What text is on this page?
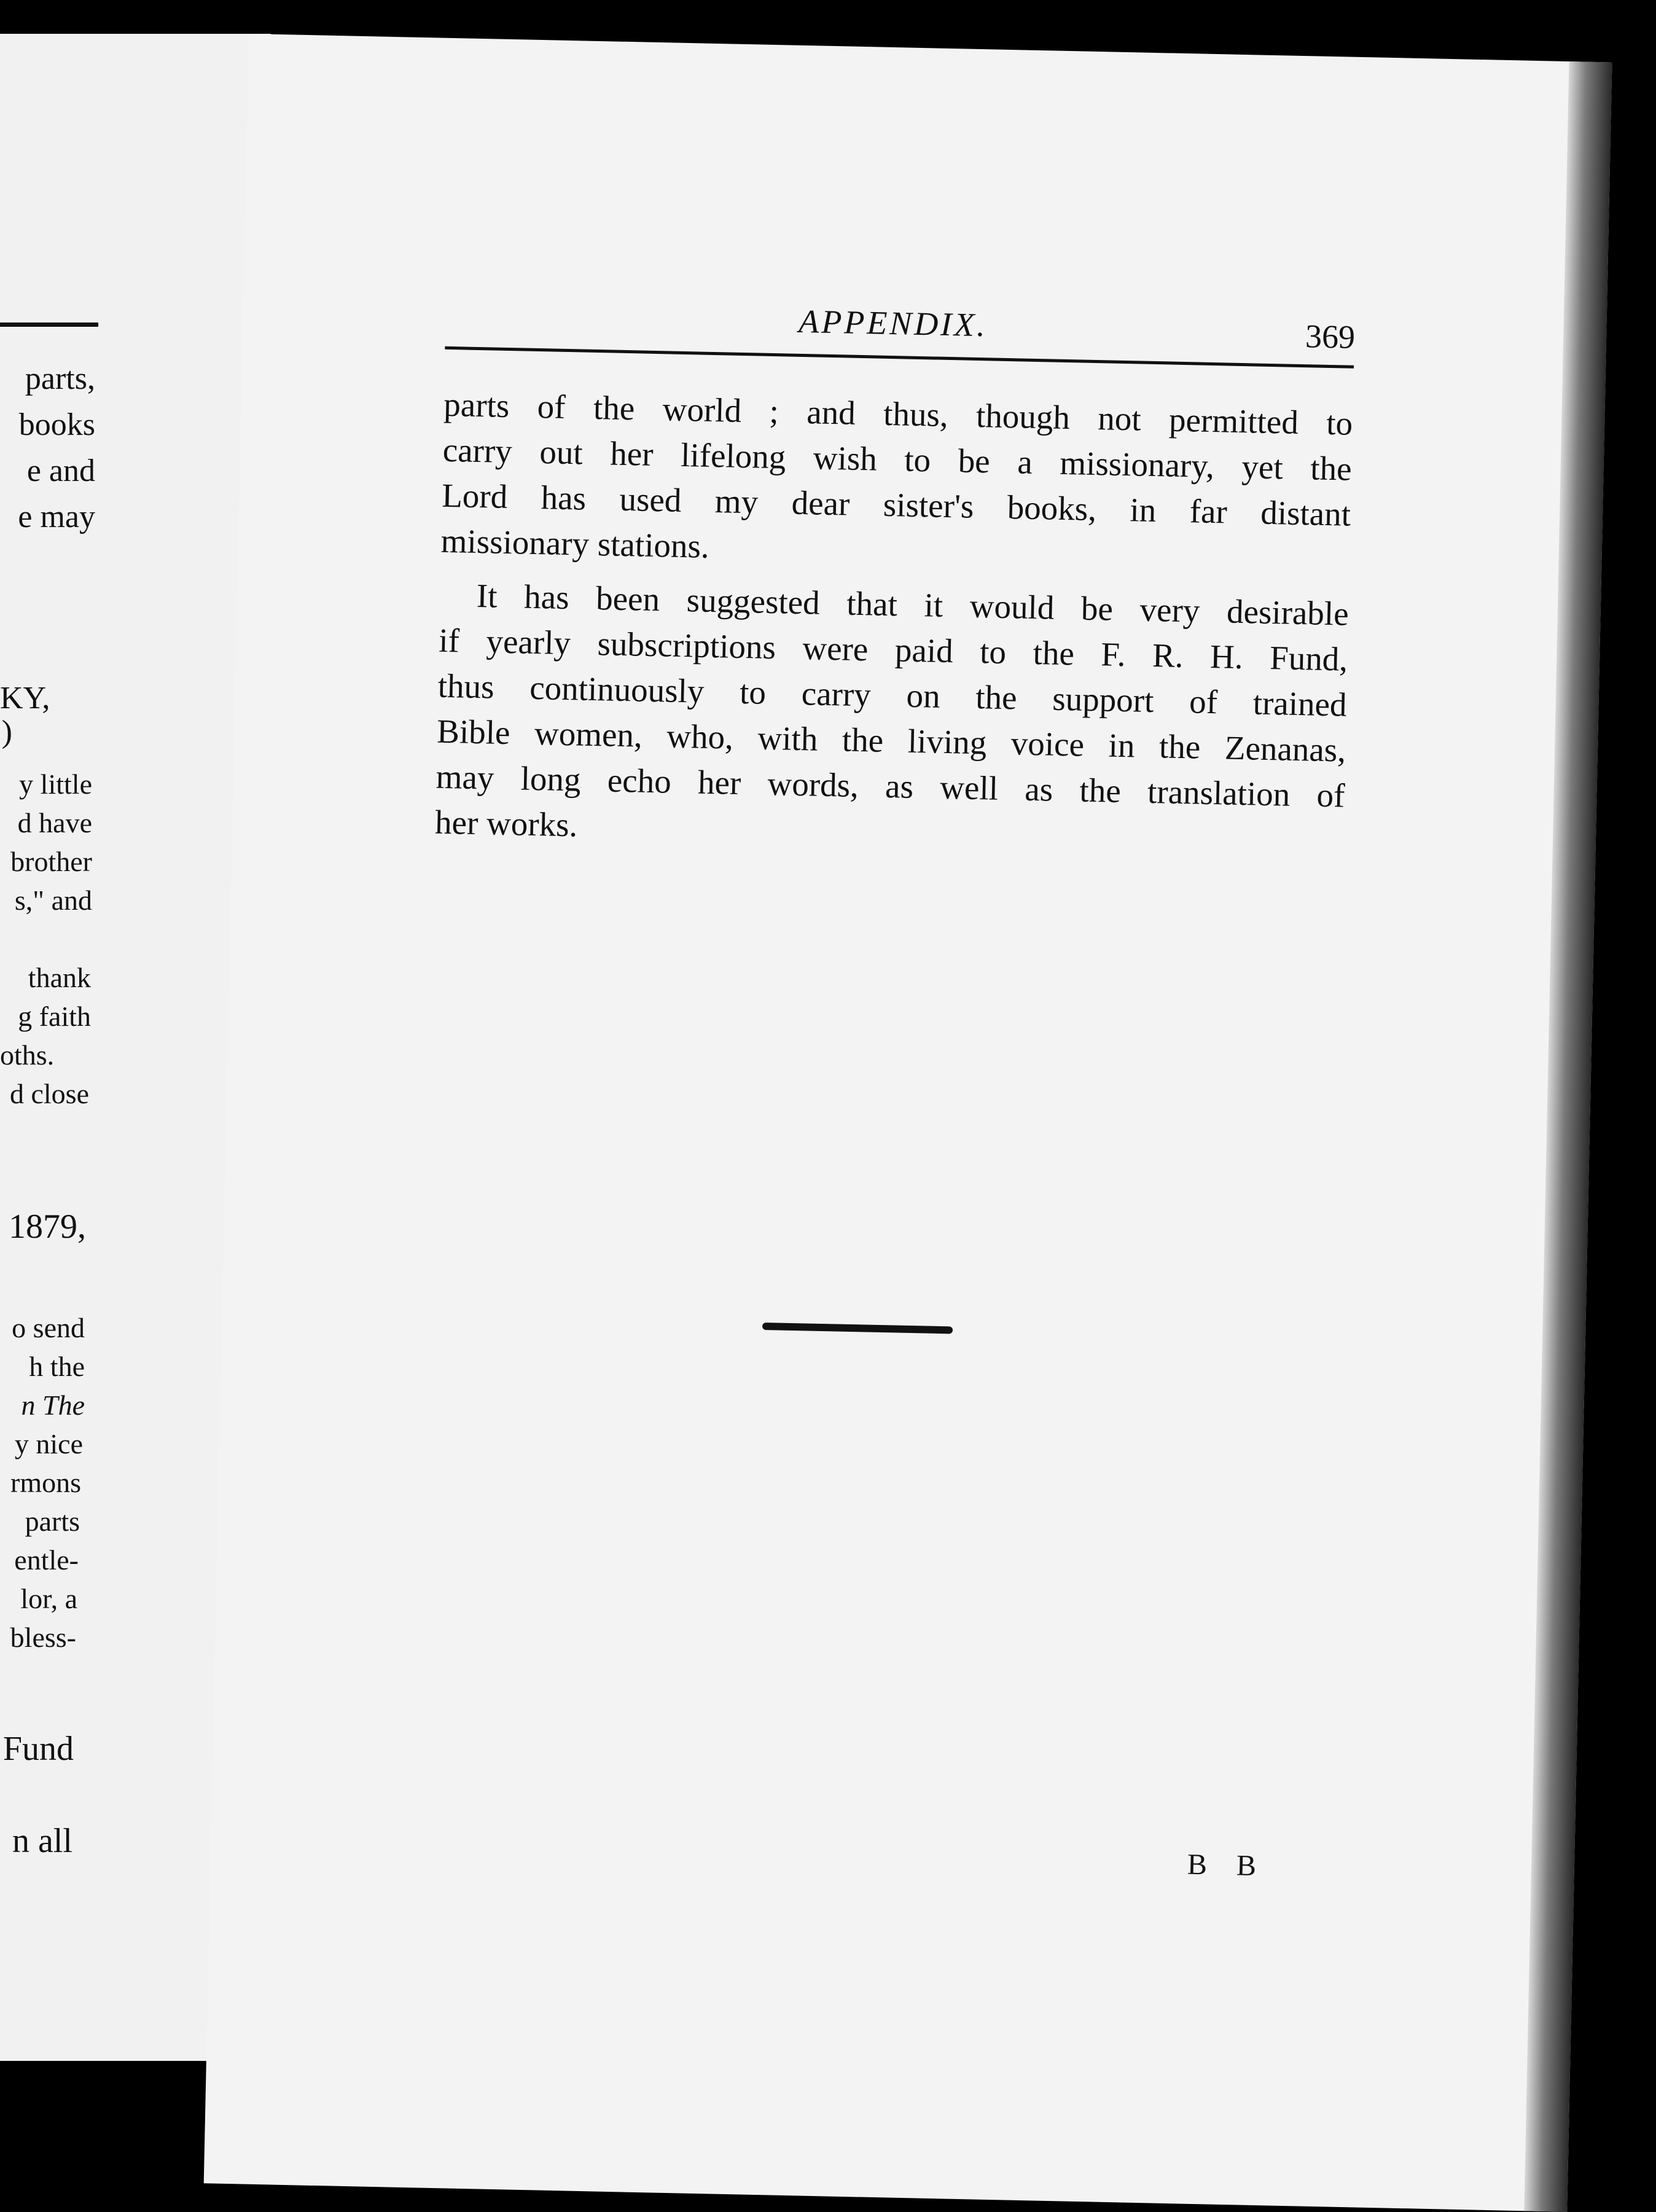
parts,
books
e and
e may
KY,
)
y little
d have
brother
s," and
thank
g faith
oths.
d close
1879,
o send
h the
n The
y nice
rmons
parts
entle-
lor, a
bless-
Fund
n all
APPENDIX.	369

parts of the world ; and thus, though not permitted to
carry out her lifelong wish to be a missionary, yet the
Lord has used my dear sister's books, in far distant
missionary stations.

It has been suggested that it would be very desirable
if yearly subscriptions were paid to the F. R. H. Fund,
thus continuously to carry on the support of trained
Bible women, who, with the living voice in the Zenanas,
may long echo her words, as well as the translation of
her works.

B B
